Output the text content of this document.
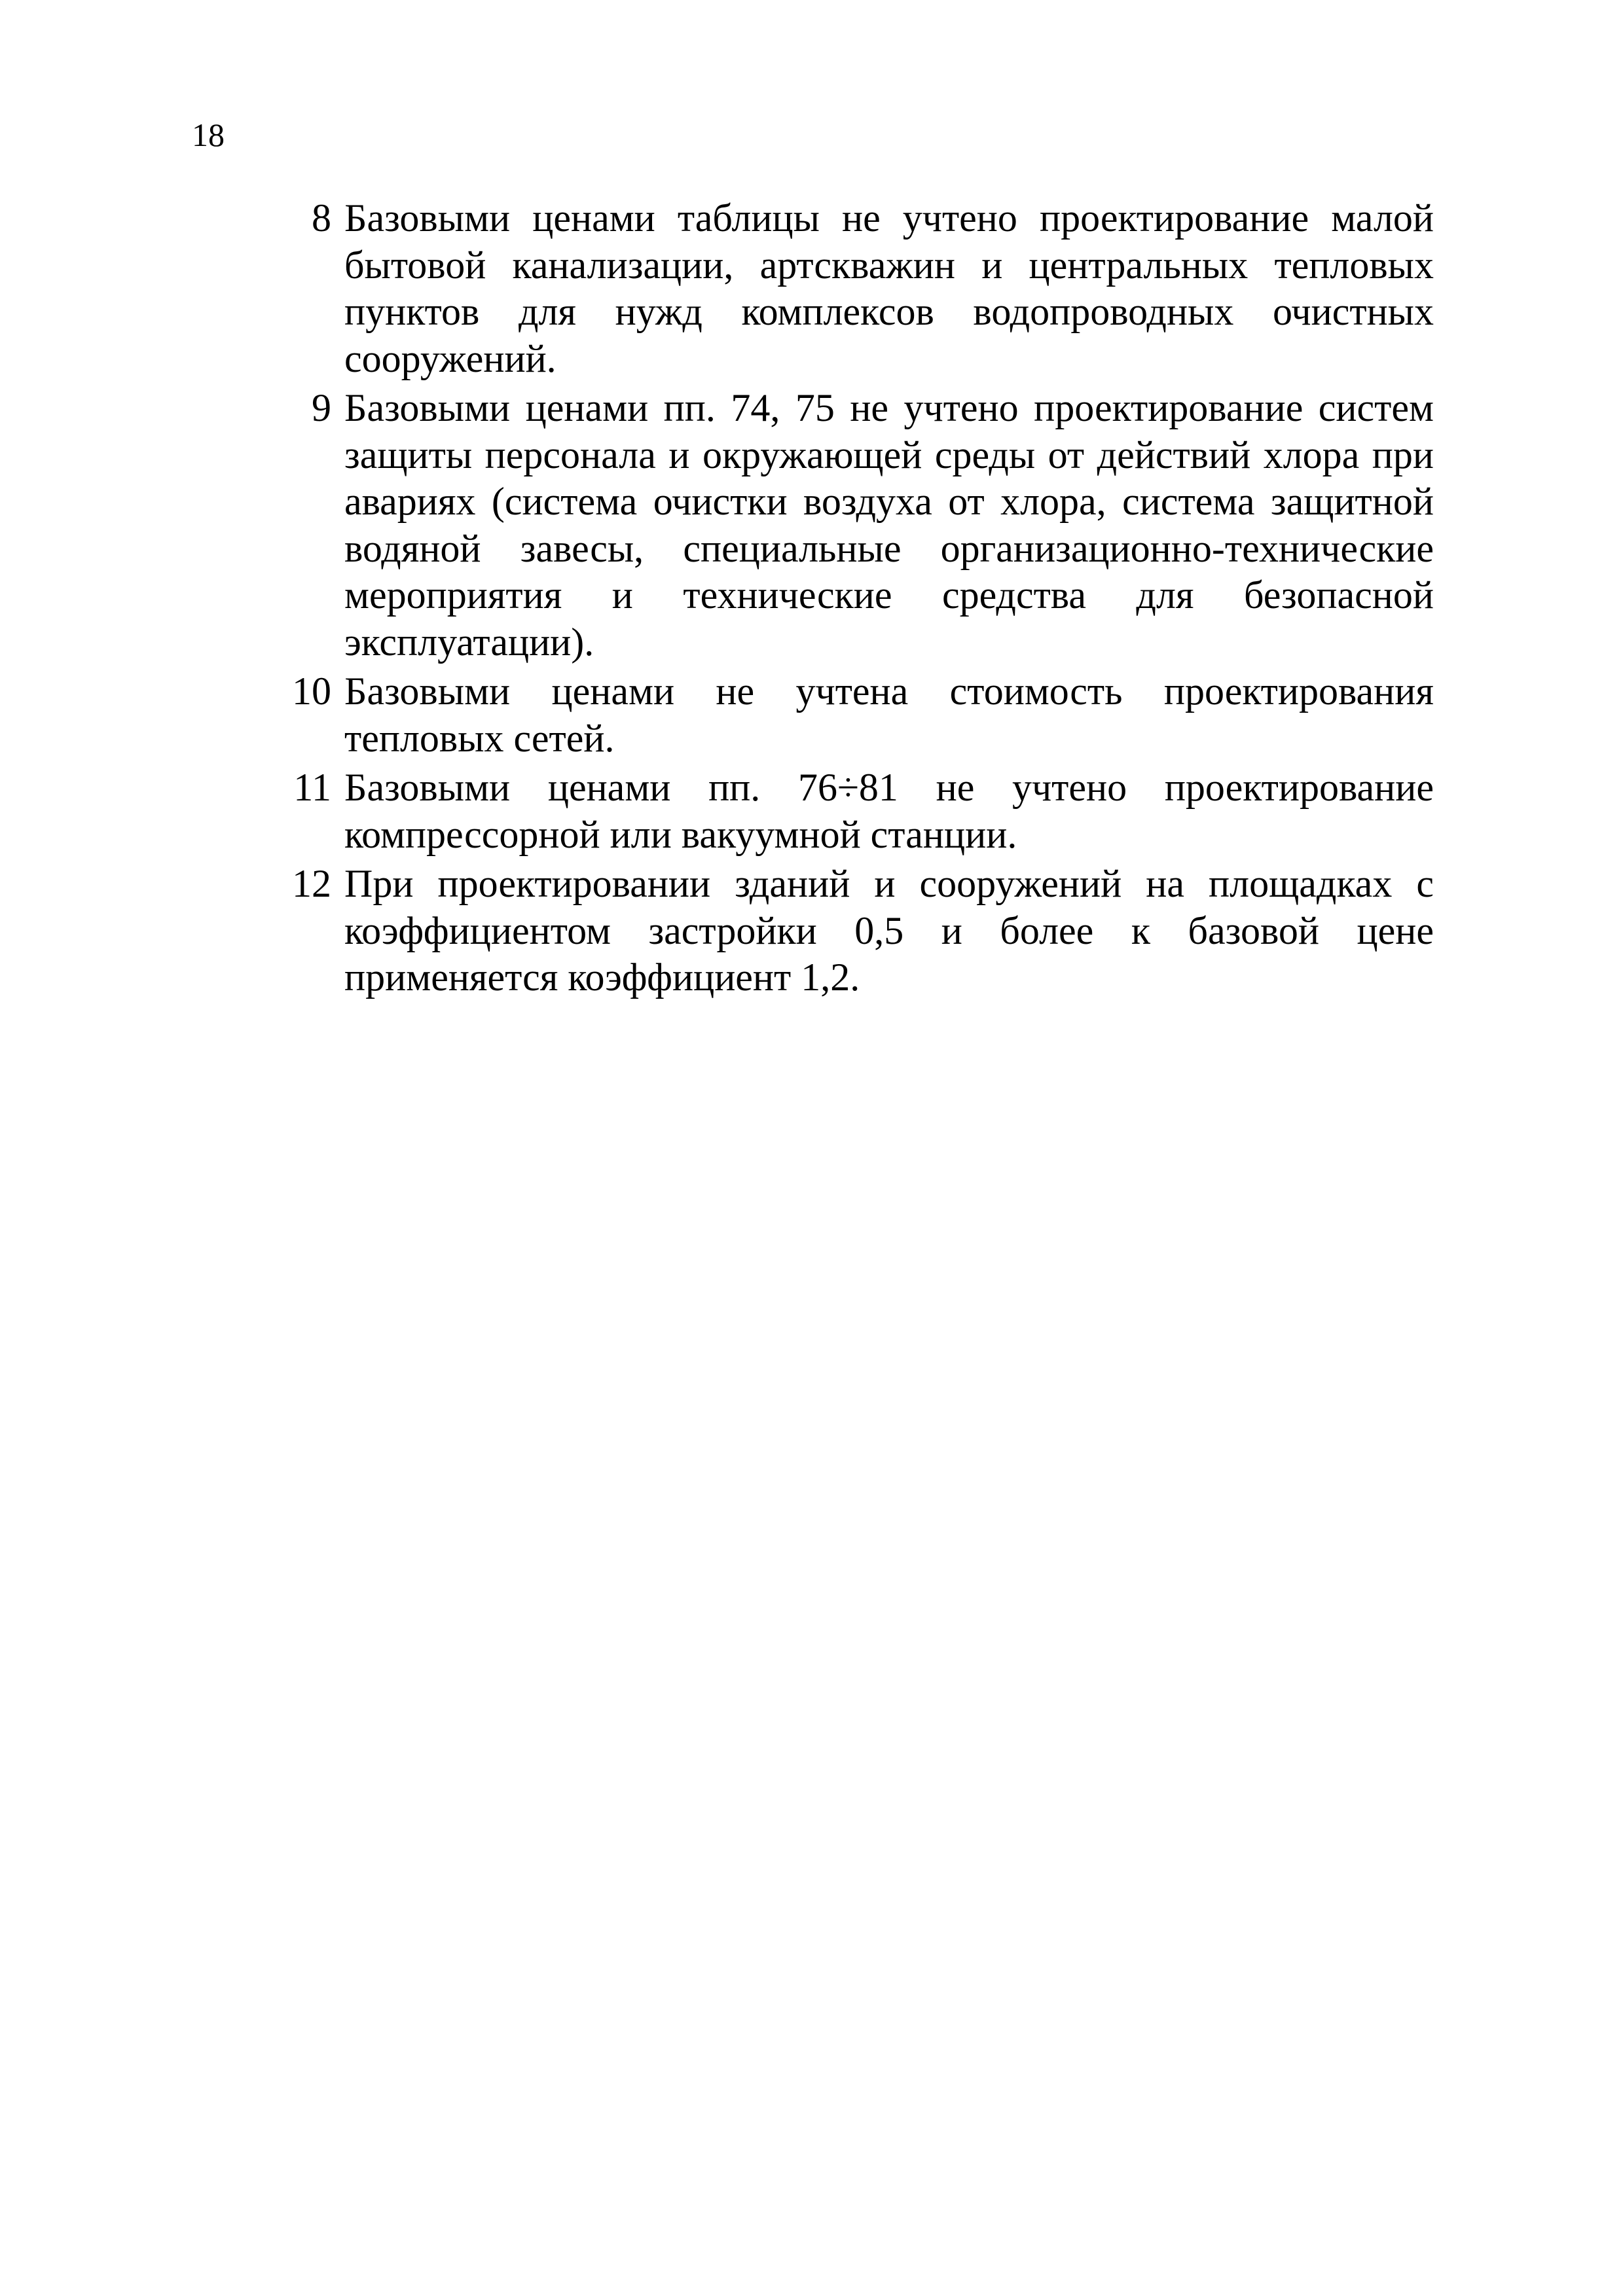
18
8 Базовыми ценами таблицы не учтено проектирование малой бытовой канализации, артскважин и центральных тепловых пунктов для нужд комплексов водопроводных очистных сооружений.
9 Базовыми ценами пп. 74, 75 не учтено проектирование систем защиты персонала и окружающей среды от действий хлора при авариях (система очистки воздуха от хлора, система защитной водяной завесы, специальные организационно-технические мероприятия и технические средства для безопасной эксплуатации).
10 Базовыми ценами не учтена стоимость проектирования тепловых сетей.
11 Базовыми ценами пп. 76÷81 не учтено проектирование компрессорной или вакуумной станции.
12 При проектировании зданий и сооружений на площадках с коэффициентом застройки 0,5 и более к базовой цене применяется коэффициент 1,2.
